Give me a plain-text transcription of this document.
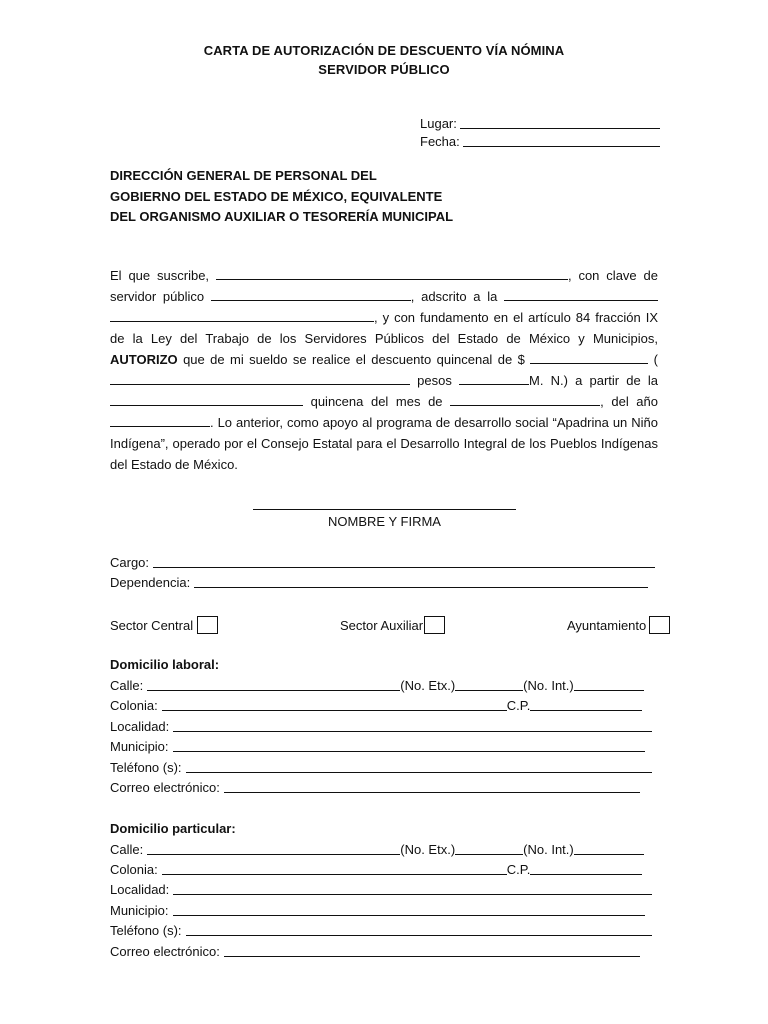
CARTA DE AUTORIZACIÓN DE DESCUENTO VÍA NÓMINA
SERVIDOR PÚBLICO
Lugar:
Fecha:
DIRECCIÓN GENERAL DE PERSONAL DEL
GOBIERNO DEL ESTADO DE MÉXICO, EQUIVALENTE
DEL ORGANISMO AUXILIAR O TESORERÍA MUNICIPAL
El que suscribe,	, con clave de servidor público	, adscrito a la  , y con fundamento en el artículo 84 fracción IX de la Ley del Trabajo de los Servidores Públicos del Estado de México y Municipios, AUTORIZO que de mi sueldo se realice el descuento quincenal de $	( pesos	M. N.) a partir de la  quincena del mes de	, del año . Lo anterior, como apoyo al programa de desarrollo social “Apadrina un Niño Indígena”, operado por el Consejo Estatal para el Desarrollo Integral de los Pueblos Indígenas del Estado de México.
NOMBRE Y FIRMA
Cargo:
Dependencia:
Sector Central	Sector Auxiliar	Ayuntamiento
Domicilio laboral:
Calle:	(No. Etx.)	(No. Int.)
Colonia:	C.P.
Localidad:
Municipio:
Teléfono (s):
Correo electrónico:
Domicilio particular:
Calle:	(No. Etx.)	(No. Int.)
Colonia:	C.P.
Localidad:
Municipio:
Teléfono (s):
Correo electrónico:
